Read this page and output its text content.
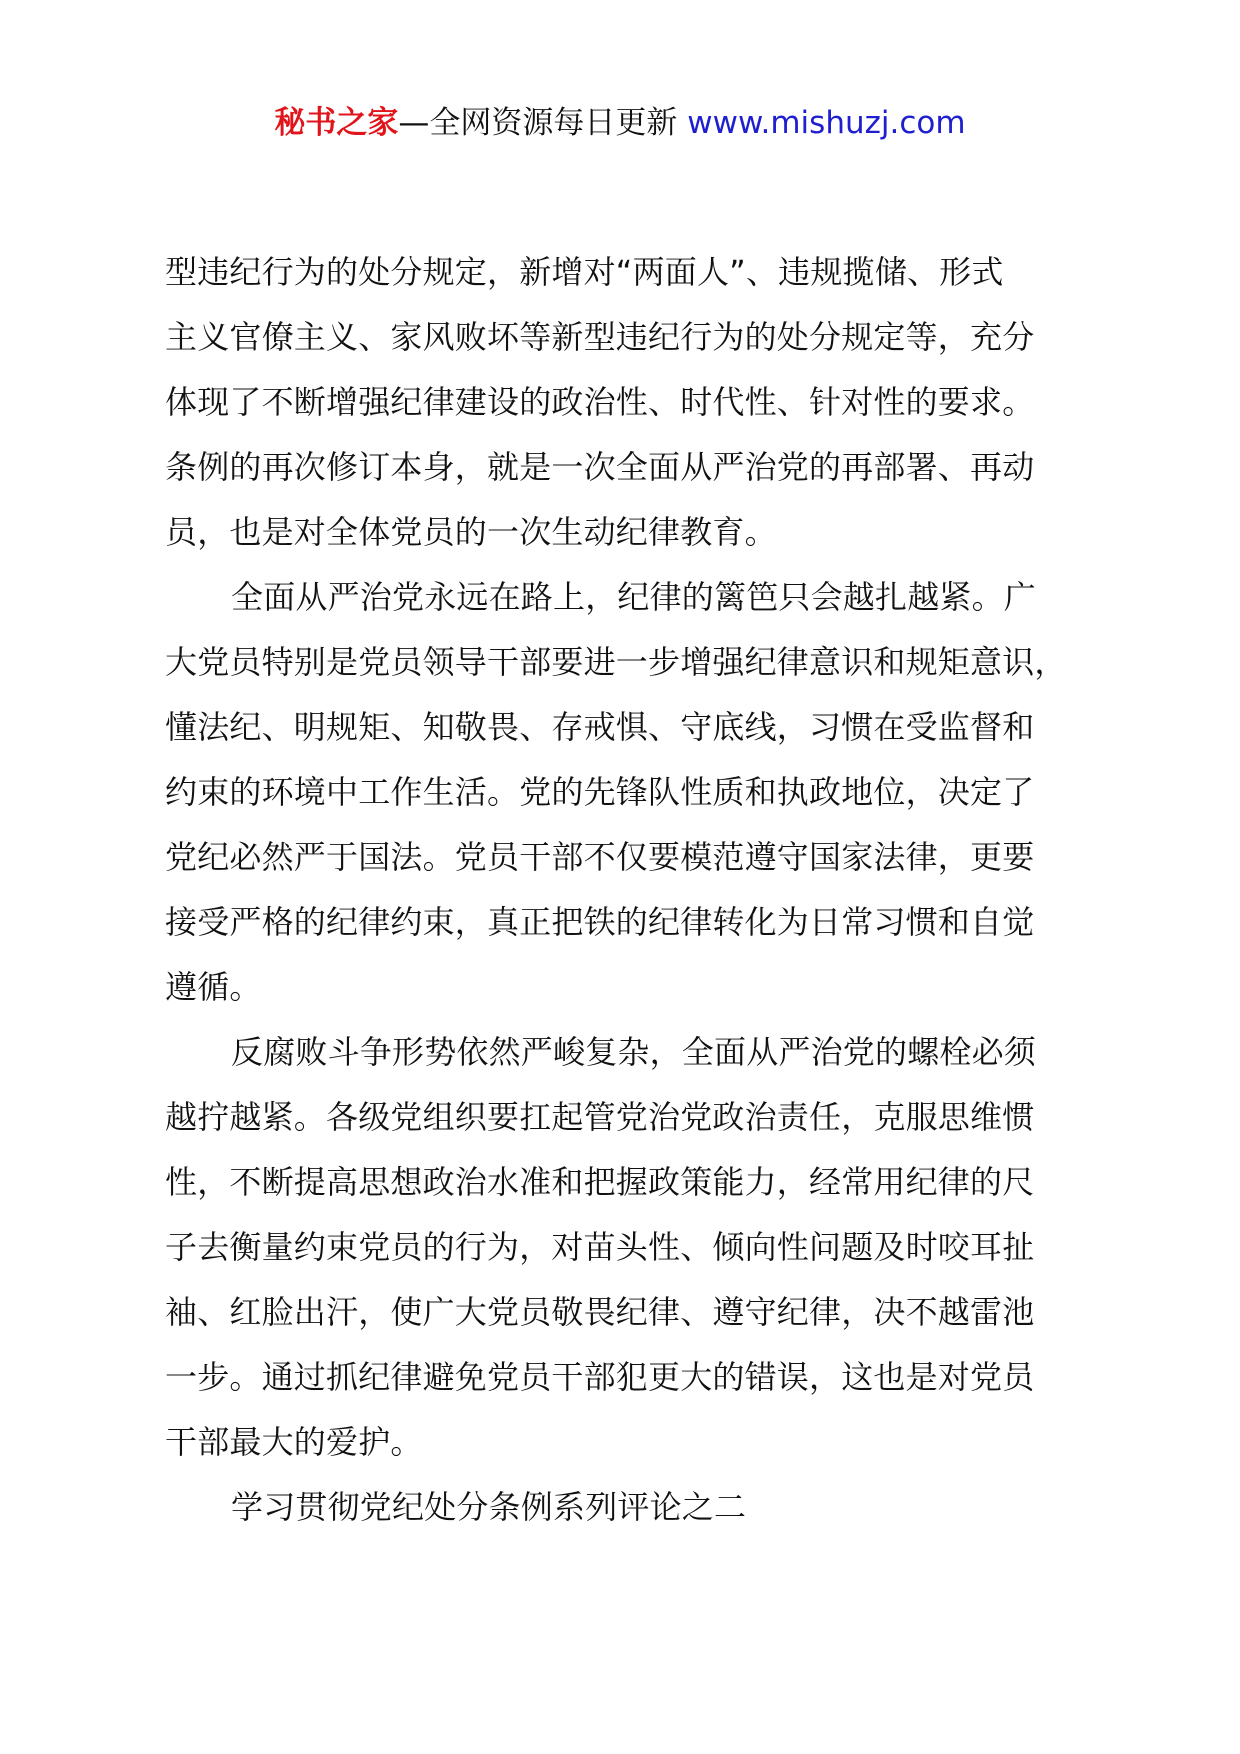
秘书之家—全网资源每日更新 www.mishuzj.com
型违纪行为的处分规定，新增对“两面人”、违规揽储、形式
主义官僚主义、家风败坏等新型违纪行为的处分规定等，充分
体现了不断增强纪律建设的政治性、时代性、针对性的要求。
条例的再次修订本身，就是一次全面从严治党的再部署、再动
员，也是对全体党员的一次生动纪律教育。
全面从严治党永远在路上，纪律的篱笆只会越扎越紧。广
大党员特别是党员领导干部要进一步增强纪律意识和规矩意识，
懂法纪、明规矩、知敬畏、存戒惧、守底线，习惯在受监督和
约束的环境中工作生活。党的先锋队性质和执政地位，决定了
党纪必然严于国法。党员干部不仅要模范遵守国家法律，更要
接受严格的纪律约束，真正把铁的纪律转化为日常习惯和自觉
遵循。
反腐败斗争形势依然严峻复杂，全面从严治党的螺栓必须
越拧越紧。各级党组织要扛起管党治党政治责任，克服思维惯
性，不断提高思想政治水准和把握政策能力，经常用纪律的尺
子去衡量约束党员的行为，对苗头性、倾向性问题及时咬耳扯
袖、红脸出汗，使广大党员敬畏纪律、遵守纪律，决不越雷池
一步。通过抓纪律避免党员干部犯更大的错误，这也是对党员
干部最大的爱护。
学习贯彻党纪处分条例系列评论之二
